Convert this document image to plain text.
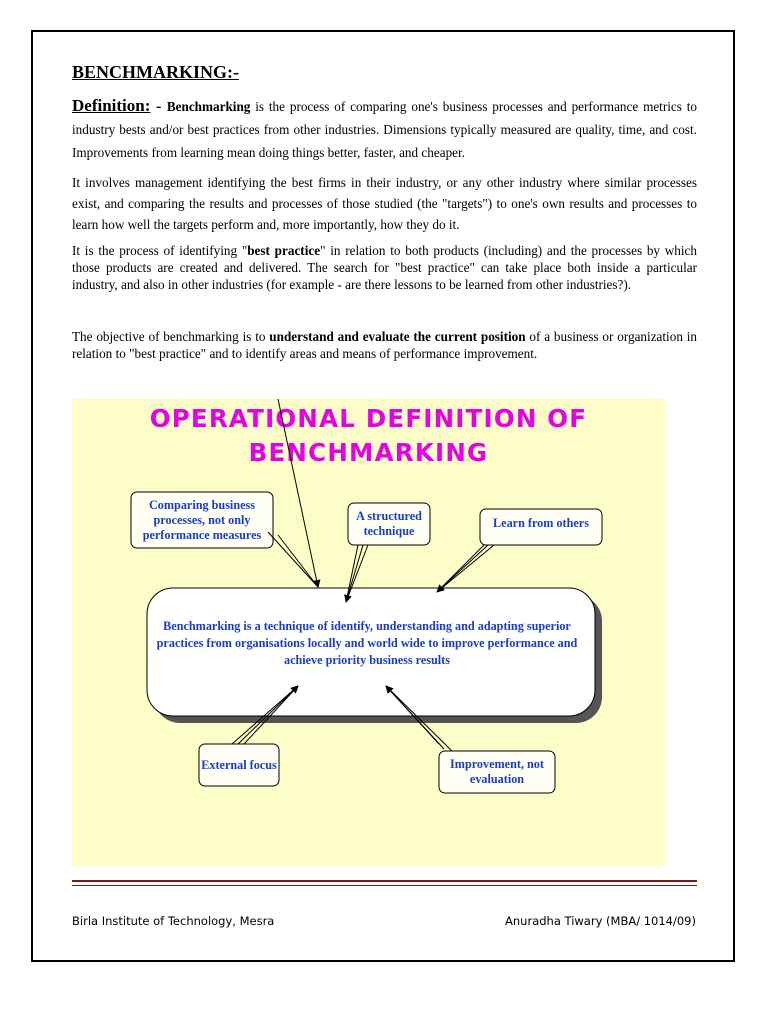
BENCHMARKING:-
Definition: - Benchmarking is the process of comparing one's business processes and performance metrics to industry bests and/or best practices from other industries. Dimensions typically measured are quality, time, and cost. Improvements from learning mean doing things better, faster, and cheaper.
It involves management identifying the best firms in their industry, or any other industry where similar processes exist, and comparing the results and processes of those studied (the "targets") to one's own results and processes to learn how well the targets perform and, more importantly, how they do it.
It is the process of identifying "best practice" in relation to both products (including) and the processes by which those products are created and delivered. The search for "best practice" can take place both inside a particular industry, and also in other industries (for example - are there lessons to be learned from other industries?).
The objective of benchmarking is to understand and evaluate the current position of a business or organization in relation to "best practice" and to identify areas and means of performance improvement.
OPERATIONAL DEFINITION OF
BENCHMARKING
Comparing business processes, not only performance measures
A structured technique
Learn from others
External focus	Improvement, not evaluation
Benchmarking is a technique of identify, understanding and adapting superior practices from organisations locally and world wide to improve performance and achieve priority business results
Birla Institute of Technology, Mesra	Anuradha Tiwary (MBA/ 1014/09)
